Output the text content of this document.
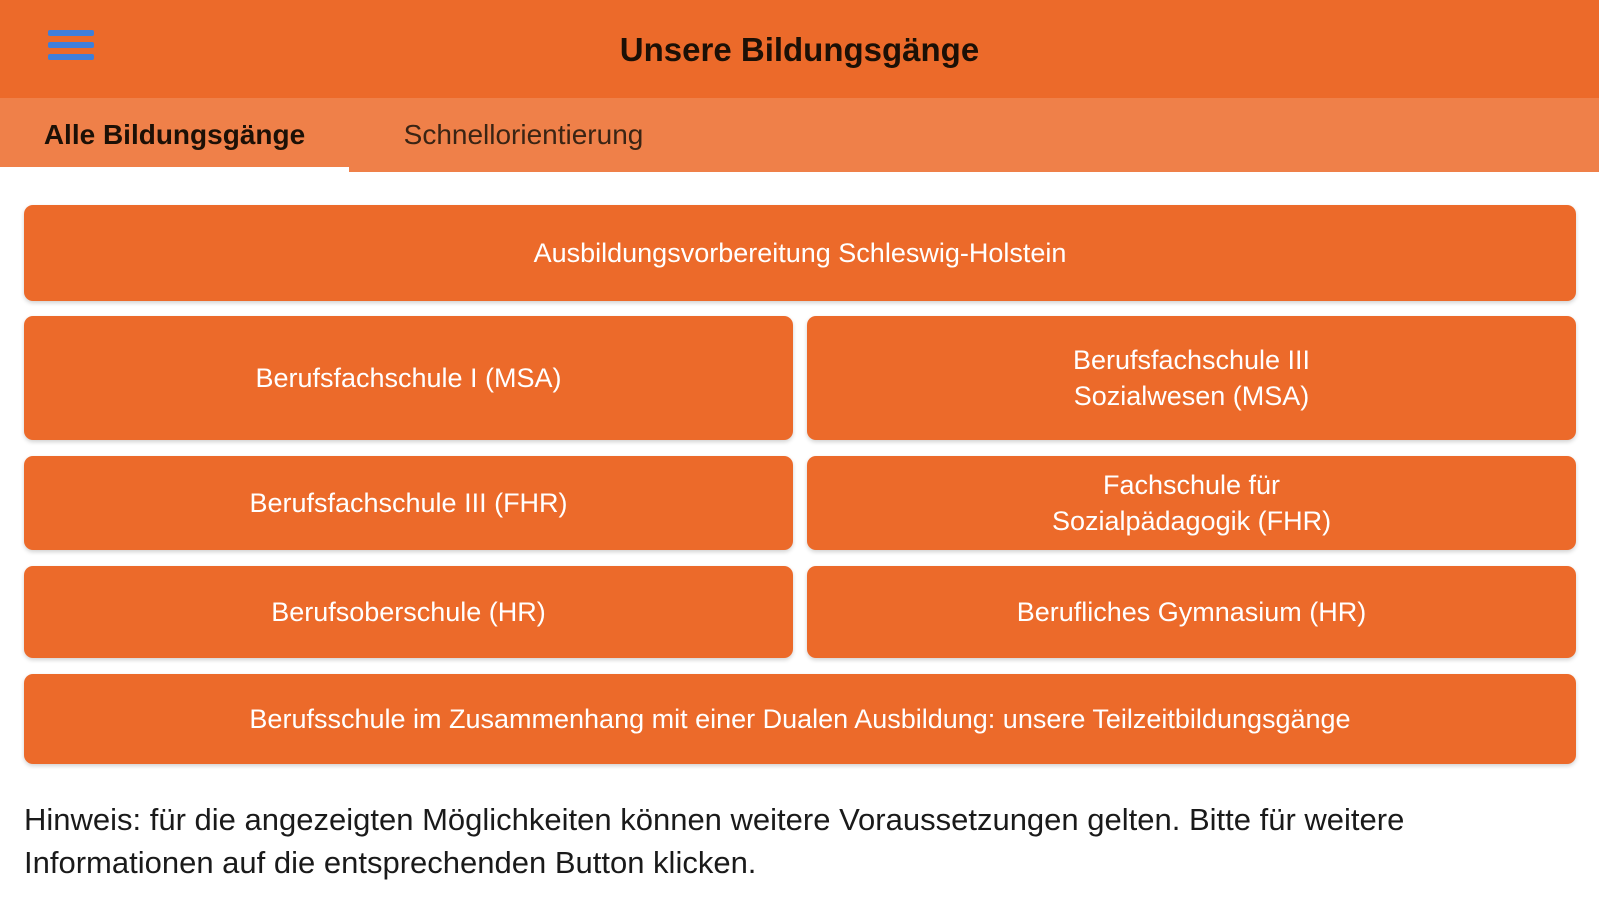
Unsere Bildungsgänge
Alle Bildungsgänge	Schnellorientierung
Ausbildungsvorbereitung Schleswig-Holstein
Berufsfachschule I (MSA)
Berufsfachschule III
Sozialwesen (MSA)
Berufsfachschule III (FHR)
Fachschule für
Sozialpädagogik (FHR)
Berufsoberschule (HR)	Berufliches Gymnasium (HR)
Berufsschule im Zusammenhang mit einer Dualen Ausbildung: unsere Teilzeitbildungsgänge
Hinweis: für die angezeigten Möglichkeiten können weitere Voraussetzungen gelten. Bitte für weitere Informationen auf die entsprechenden Button klicken.
